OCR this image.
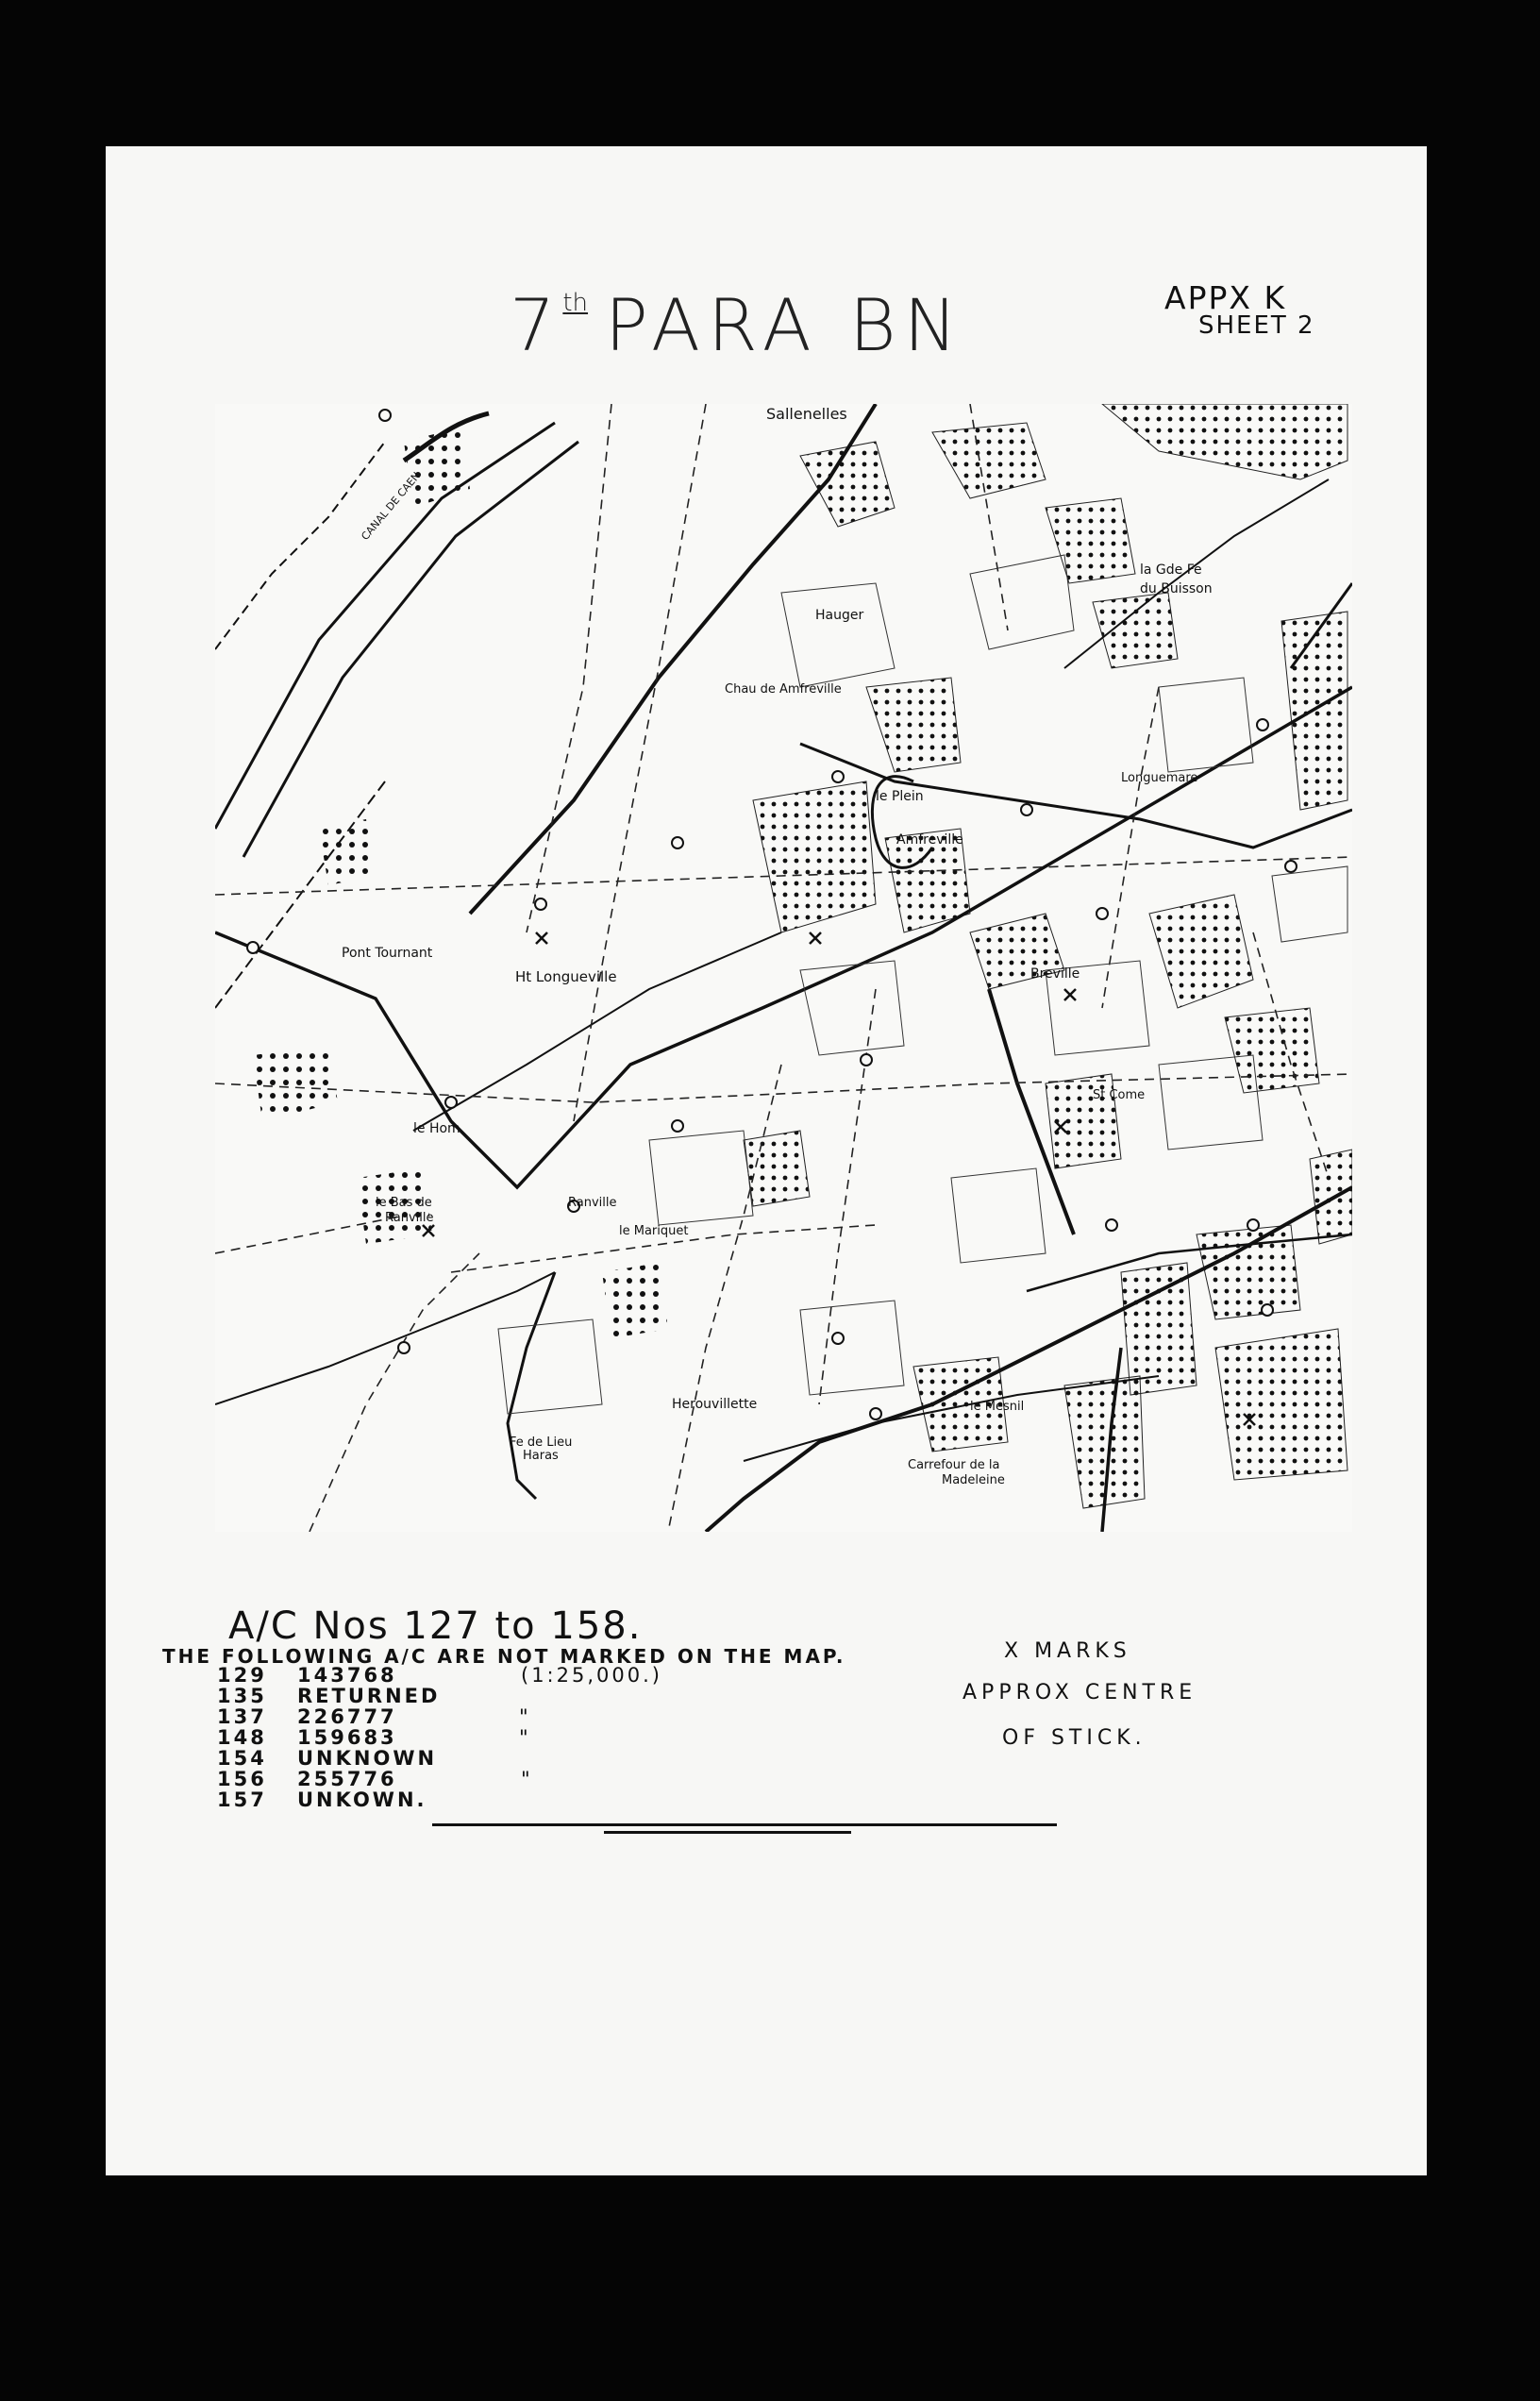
7th PARA BN	APPX K
SHEET 2
Sallenelles
CANAL DE CAEN
la Gde Fe
du Buisson
Hauger
Chau de Amfreville
le Plein
Longuemare
Amfreville
Pont Tournant
Ht Longueville	Breville
St Come
le Hom
le Bas de
Ranville
Ranville
le Mariquet
Herouvillette	le Mesnil
Fe de Lieu
Haras
Carrefour de la
Madeleine
A/C Nos 127 to 158.
THE FOLLOWING A/C ARE NOT MARKED ON THE MAP.
129 143768	(1:25,000.)
135 RETURNED
137 226777	"
148 159683	"
154 UNKNOWN
156 255776	"
157 UNKOWN.
X MARKS
APPROX CENTRE
OF STICK.
